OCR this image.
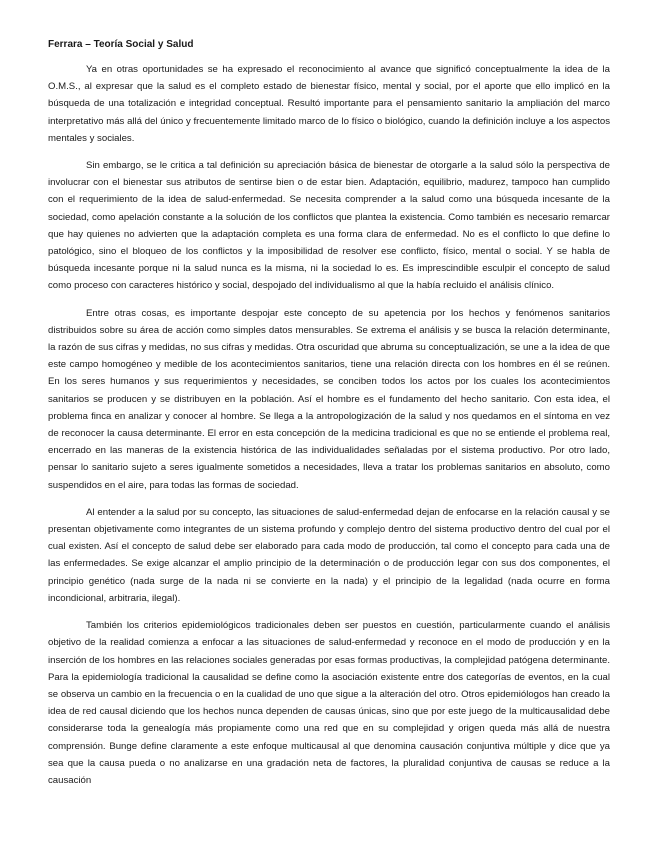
Ferrara – Teoría Social y Salud

Ya en otras oportunidades se ha expresado el reconocimiento al avance que significó conceptualmente la idea de la O.M.S., al expresar que la salud es el completo estado de bienestar físico, mental y social, por el aporte que ello implicó en la búsqueda de una totalización e integridad conceptual. Resultó importante para el pensamiento sanitario la ampliación del marco interpretativo más allá del único y frecuentemente limitado marco de lo físico o biológico, cuando la definición incluye a los aspectos mentales y sociales.

Sin embargo, se le critica a tal definición su apreciación básica de bienestar de otorgarle a la salud sólo la perspectiva de involucrar con el bienestar sus atributos de sentirse bien o de estar bien. Adaptación, equilibrio, madurez, tampoco han cumplido con el requerimiento de la idea de salud-enfermedad. Se necesita comprender a la salud como una búsqueda incesante de la sociedad, como apelación constante a la solución de los conflictos que plantea la existencia. Como también es necesario remarcar que hay quienes no advierten que la adaptación completa es una forma clara de enfermedad. No es el conflicto lo que define lo patológico, sino el bloqueo de los conflictos y la imposibilidad de resolver ese conflicto, físico, mental o social. Y se habla de búsqueda incesante porque ni la salud nunca es la misma, ni la sociedad lo es. Es imprescindible esculpir el concepto de salud como proceso con caracteres histórico y social, despojado del individualismo al que la había recluido el análisis clínico.

Entre otras cosas, es importante despojar este concepto de su apetencia por los hechos y fenómenos sanitarios distribuidos sobre su área de acción como simples datos mensurables. Se extrema el análisis y se busca la relación determinante, la razón de sus cifras y medidas, no sus cifras y medidas. Otra oscuridad que abruma su conceptualización, se une a la idea de que este campo homogéneo y medible de los acontecimientos sanitarios, tiene una relación directa con los hombres en él se reúnen. En los seres humanos y sus requerimientos y necesidades, se conciben todos los actos por los cuales los acontecimientos sanitarios se producen y se distribuyen en la población. Así el hombre es el fundamento del hecho sanitario. Con esta idea, el problema finca en analizar y conocer al hombre. Se llega a la antropologización de la salud y nos quedamos en el síntoma en vez de reconocer la causa determinante. El error en esta concepción de la medicina tradicional es que no se entiende el problema real, encerrado en las maneras de la existencia histórica de las individualidades señaladas por el sistema productivo. Por otro lado, pensar lo sanitario sujeto a seres igualmente sometidos a necesidades, lleva a tratar los problemas sanitarios en absoluto, como suspendidos en el aire, para todas las formas de sociedad.

Al entender a la salud por su concepto, las situaciones de salud-enfermedad dejan de enfocarse en la relación causal y se presentan objetivamente como integrantes de un sistema profundo y complejo dentro del sistema productivo dentro del cual por el cual existen. Así el concepto de salud debe ser elaborado para cada modo de producción, tal como el concepto para cada una de las enfermedades. Se exige alcanzar el amplio principio de la determinación o de producción legar con sus dos componentes, el principio genético (nada surge de la nada ni se convierte en la nada) y el principio de la legalidad (nada ocurre en forma incondicional, arbitraria, ilegal).

También los criterios epidemiológicos tradicionales deben ser puestos en cuestión, particularmente cuando el análisis objetivo de la realidad comienza a enfocar a las situaciones de salud-enfermedad y reconoce en el modo de producción y en la inserción de los hombres en las relaciones sociales generadas por esas formas productivas, la complejidad patógena determinante. Para la epidemiología tradicional la causalidad se define como la asociación existente entre dos categorías de eventos, en la cual se observa un cambio en la frecuencia o en la cualidad de uno que sigue a la alteración del otro. Otros epidemiólogos han creado la idea de red causal diciendo que los hechos nunca dependen de causas únicas, sino que por este juego de la multicausalidad debe considerarse toda la genealogía más propiamente como una red que en su complejidad y origen queda más allá de nuestra comprensión. Bunge define claramente a este enfoque multicausal al que denomina causación conjuntiva múltiple y dice que ya sea que la causa pueda o no analizarse en una gradación neta de factores, la pluralidad conjuntiva de causas se reduce a la causación
